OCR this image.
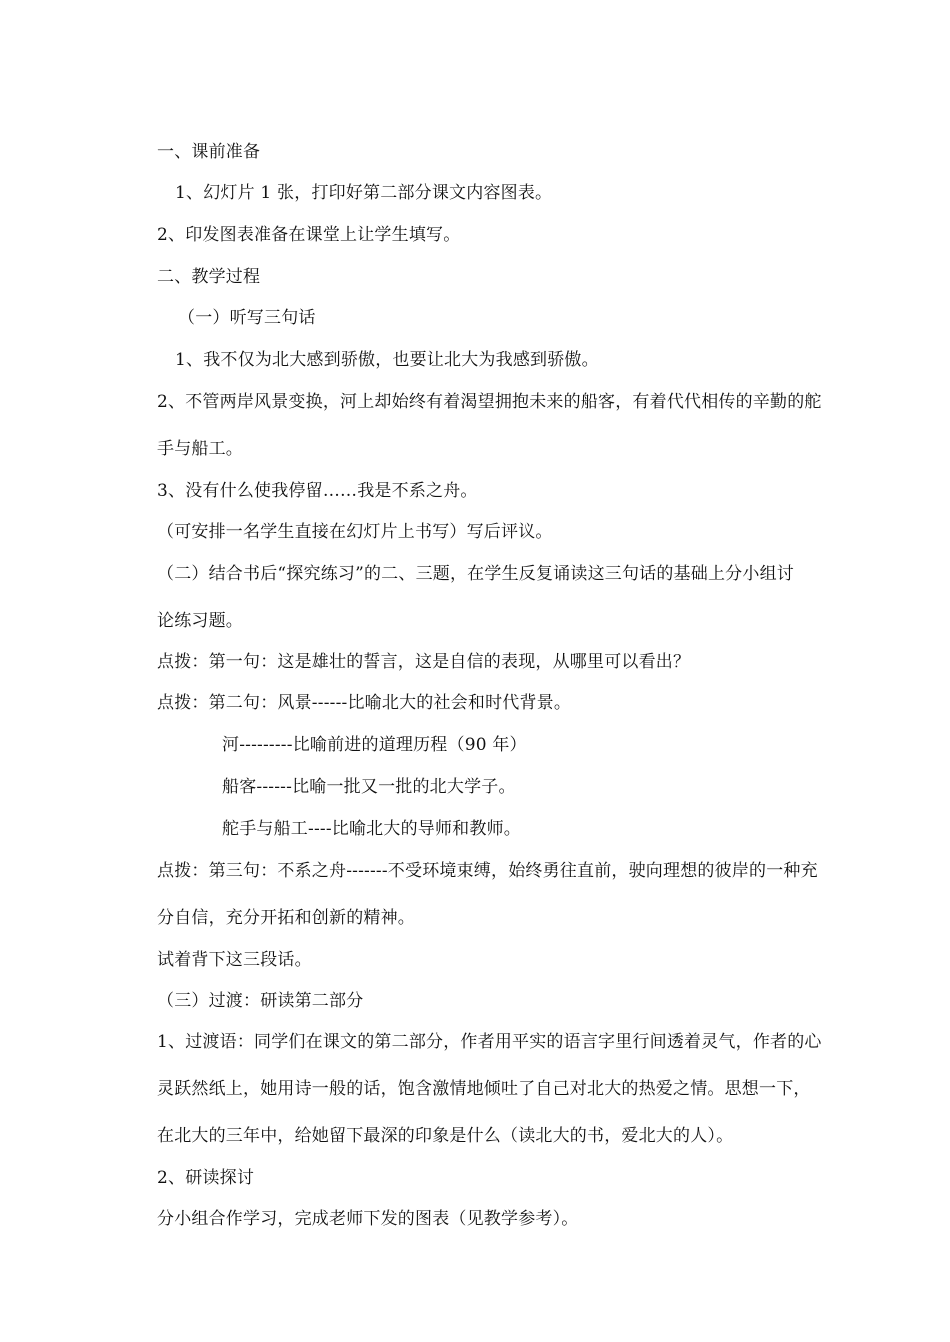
一、课前准备
1、幻灯片 1 张，打印好第二部分课文内容图表。
2、印发图表准备在课堂上让学生填写。
二、教学过程
（一）听写三句话
1、我不仅为北大感到骄傲，也要让北大为我感到骄傲。
2、不管两岸风景变换，河上却始终有着渴望拥抱未来的船客，有着代代相传的辛勤的舵
手与船工。
3、没有什么使我停留……我是不系之舟。
（可安排一名学生直接在幻灯片上书写）写后评议。
（二）结合书后“探究练习”的二、三题，在学生反复诵读这三句话的基础上分小组讨
论练习题。
点拨：第一句：这是雄壮的誓言，这是自信的表现，从哪里可以看出？
点拨：第二句：风景------比喻北大的社会和时代背景。
河---------比喻前进的道理历程（90 年）
船客------比喻一批又一批的北大学子。
舵手与船工----比喻北大的导师和教师。
点拨：第三句：不系之舟-------不受环境束缚，始终勇往直前，驶向理想的彼岸的一种充
分自信，充分开拓和创新的精神。
试着背下这三段话。
（三）过渡：研读第二部分
1、过渡语：同学们在课文的第二部分，作者用平实的语言字里行间透着灵气，作者的心
灵跃然纸上，她用诗一般的话，饱含激情地倾吐了自己对北大的热爱之情。思想一下，
在北大的三年中，给她留下最深的印象是什么（读北大的书，爱北大的人）。
2、研读探讨
分小组合作学习，完成老师下发的图表（见教学参考）。
